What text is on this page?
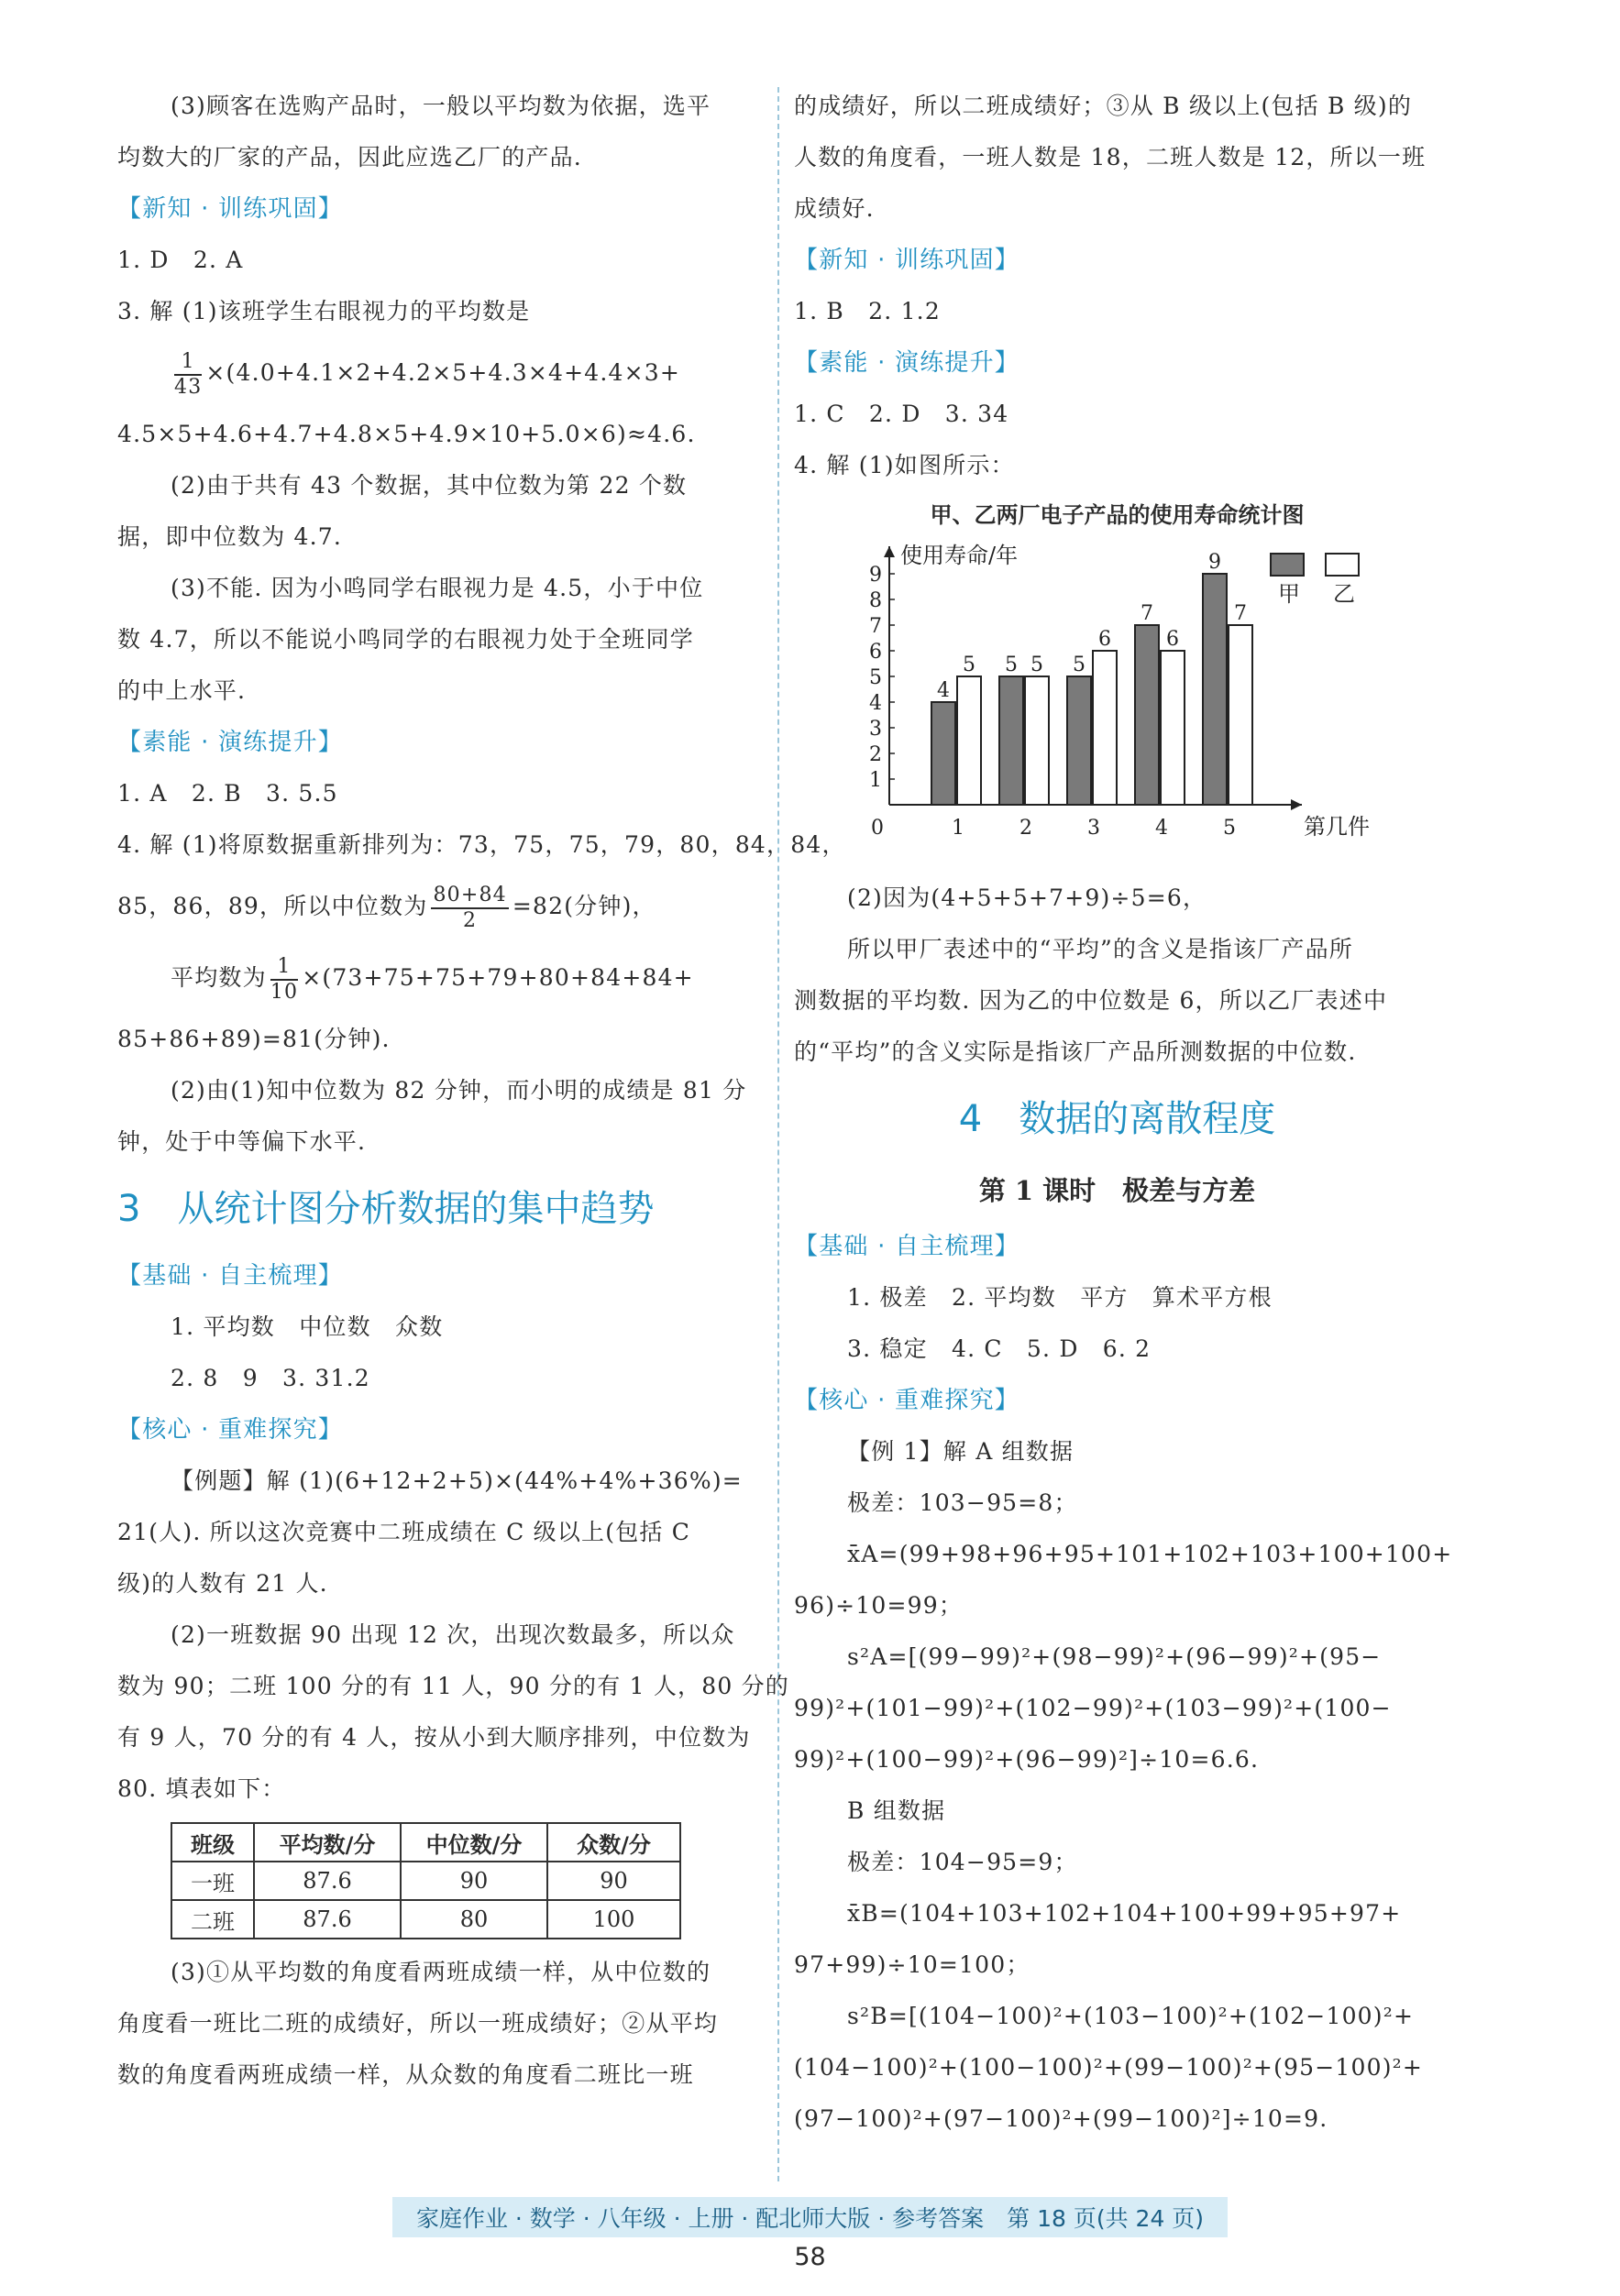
(3)顾客在选购产品时，一般以平均数为依据，选平
均数大的厂家的产品，因此应选乙厂的产品.
【新知 · 训练巩固】
1. D　2. A
3. 解 (1)该班学生右眼视力的平均数是
$\frac{1}{43} \times(4.0+4.1\times 2+4.2\times 5+4.3\times 4+4.4\times 3+$
4.5×5+4.6+4.7+4.8×5+4.9×10+5.0×6)≈4.6.
(2)由于共有 43 个数据，其中位数为第 22 个数
据，即中位数为 4.7.
(3)不能. 因为小鸣同学右眼视力是 4.5，小于中位
数 4.7，所以不能说小鸣同学的右眼视力处于全班同学
的中上水平.
【素能 · 演练提升】
1. A　2. B　3. 5.5
4. 解 (1)将原数据重新排列为：73，75，75，79，80，84，84，
85，86，89，所以中位数为 $\frac{80+84}{2} =82$(分钟)，
平均数为 $\frac{1}{10} \times(73+75+75+79+80+84+84+$
85+86+89)=81(分钟).
(2)由(1)知中位数为 82 分钟，而小明的成绩是 81 分
钟，处于中等偏下水平.
3　从统计图分析数据的集中趋势
【基础 · 自主梳理】
1. 平均数　中位数　众数
2. 8　9　3. 31.2
【核心 · 重难探究】
【例题】解 (1)(6+12+2+5)×(44%+4%+36%)=
21(人). 所以这次竞赛中二班成绩在 C 级以上(包括 C
级)的人数有 21 人.
(2)一班数据 90 出现 12 次，出现次数最多，所以众
数为 90；二班 100 分的有 11 人，90 分的有 1 人，80 分的
有 9 人，70 分的有 4 人，按从小到大顺序排列，中位数为
80. 填表如下：
班级	平均数/分	中位数/分	众数/分
一班	87.6	90	90
二班	87.6	80	100
(3)①从平均数的角度看两班成绩一样，从中位数的
角度看一班比二班的成绩好，所以一班成绩好；②从平均
数的角度看两班成绩一样，从众数的角度看二班比一班
的成绩好，所以二班成绩好；③从 B 级以上(包括 B 级)的
人数的角度看，一班人数是 18，二班人数是 12，所以一班
成绩好.
【新知 · 训练巩固】
1. B　2. 1.2
【素能 · 演练提升】
1. C　2. D　3. 34
4. 解 (1)如图所示：
甲、乙两厂电子产品的使用寿命统计图
使用寿命/年
第几件
0
1
2
3
4
5
6
7
8
9
1
4
5
2
5 5
3
5
6
4
7
6
5
9
7
甲 乙
(2)因为(4+5+5+7+9)÷5=6，
所以甲厂表述中的“平均”的含义是指该厂产品所
测数据的平均数. 因为乙的中位数是 6，所以乙厂表述中
的“平均”的含义实际是指该厂产品所测数据的中位数.
4　数据的离散程度
第 1 课时　极差与方差
【基础 · 自主梳理】
1. 极差　2. 平均数　平方　算术平方根
3. 稳定　4. C　5. D　6. 2
【核心 · 重难探究】
【例 1】解 A 组数据
极差：103−95=8；
x̄A=(99+98+96+95+101+102+103+100+100+
96)÷10=99；
s²A=[(99−99)²+(98−99)²+(96−99)²+(95−
99)²+(101−99)²+(102−99)²+(103−99)²+(100−
99)²+(100−99)²+(96−99)²]÷10=6.6.
B 组数据
极差：104−95=9；
x̄B=(104+103+102+104+100+99+95+97+
97+99)÷10=100；
s²B=[(104−100)²+(103−100)²+(102−100)²+
(104−100)²+(100−100)²+(99−100)²+(95−100)²+
(97−100)²+(97−100)²+(99−100)²]÷10=9.
家庭作业 · 数学 · 八年级 · 上册 · 配北师大版 · 参考答案　第 18 页(共 24 页)
58
